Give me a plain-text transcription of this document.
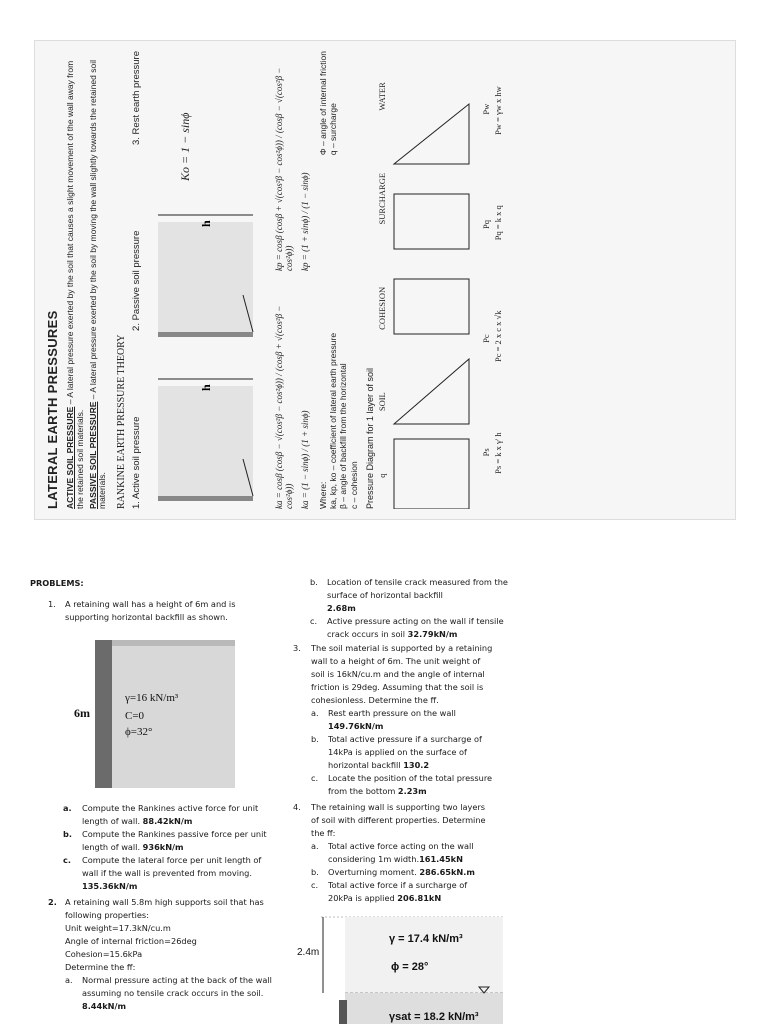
LATERAL EARTH PRESSURES ACTIVE SOIL PRESSURE – A lateral pressure exerted by the soil that causes a slight movement of the wall away from the retained soil materials. PASSIVE SOIL PRESSURE – A lateral pressure exerted by the soil by moving the wall slightly towards the retained soil materials. RANKINE EARTH PRESSURE THEORY 1. Active soil pressure
2. Passive soil pressure
3. Rest earth pressure
h
h
Ko = 1 − sinϕ
ka = cosβ (cosβ − √(cos²β − cos²ϕ)) / (cosβ + √(cos²β − cos²ϕ)) ka = (1 − sinϕ) / (1 + sinϕ)
kp = cosβ (cosβ + √(cos²β − cos²ϕ)) / (cosβ − √(cos²β − cos²ϕ)) kp = (1 + sinϕ) / (1 − sinϕ)
Where: ka, kp, ko – coefficient of lateral earth pressure β – angle of backfill from the horizontal c – cohesion
Φ – angle of internal friction q – surcharge
Pressure Diagram for 1 layer of soil q
SOIL
COHESION
SURCHARGE
WATER
Ps
Pc
Pq
Pw
Ps = k x γ' h
Pc = 2 x c x √k
Pq = k x q
Pw = γw x hw
PROBLEMS:
1. A retaining wall has a height of 6m and is supporting horizontal backfill as shown.
6m
γ=16 kN/m³
C=0
ϕ=32°
a. Compute the Rankines active force for unit length of wall. 88.42kN/m
b. Compute the Rankines passive force per unit length of wall. 936kN/m
c. Compute the lateral force per unit length of wall if the wall is prevented from moving. 135.36kN/m
2. A retaining wall 5.8m high supports soil that has following properties:
Unit weight=17.3kN/cu.m
Angle of internal friction=26deg
Cohesion=15.6kPa
Determine the ff:
a. Normal pressure acting at the back of the wall assuming no tensile crack occurs in the soil. 8.44kN/m
b. Location of tensile crack measured from the surface of horizontal backfill
2.68m
c. Active pressure acting on the wall if tensile crack occurs in soil 32.79kN/m
3. The soil material is supported by a retaining wall to a height of 6m. The unit weight of soil is 16kN/cu.m and the angle of internal friction is 29deg. Assuming that the soil is cohesionless. Determine the ff.
a. Rest earth pressure on the wall
149.76kN/m
b. Total active pressure if a surcharge of 14kPa is applied on the surface of horizontal backfill 130.2
c. Locate the position of the total pressure from the bottom 2.23m
4. The retaining wall is supporting two layers of soil with different properties. Determine the ff:
a. Total active force acting on the wall considering 1m width.161.45kN
b. Overturning moment. 286.65kN.m
c. Total active force if a surcharge of 20kPa is applied 206.81kN
2.4m
γ = 17.4 kN/m³
ϕ = 28°
γsat = 18.2 kN/m³
